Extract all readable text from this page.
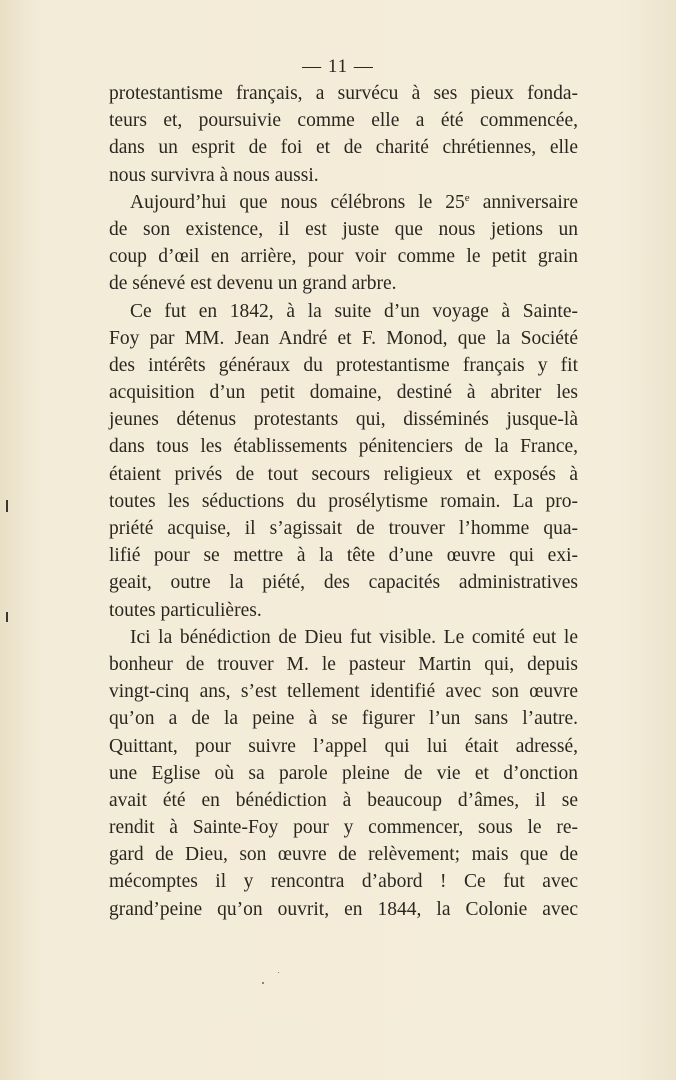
— 11 —
protestantisme français, a survécu à ses pieux fonda-
teurs et, poursuivie comme elle a été commencée,
dans un esprit de foi et de charité chrétiennes, elle
nous survivra à nous aussi.
Aujourd’hui que nous célébrons le 25e anniversaire
de son existence, il est juste que nous jetions un
coup d’œil en arrière, pour voir comme le petit grain
de sénevé est devenu un grand arbre.
Ce fut en 1842, à la suite d’un voyage à Sainte-
Foy par MM. Jean André et F. Monod, que la Société
des intérêts généraux du protestantisme français y fit
acquisition d’un petit domaine, destiné à abriter les
jeunes détenus protestants qui, disséminés jusque-là
dans tous les établissements pénitenciers de la France,
étaient privés de tout secours religieux et exposés à
toutes les séductions du prosélytisme romain. La pro-
priété acquise, il s’agissait de trouver l’homme qua-
lifié pour se mettre à la tête d’une œuvre qui exi-
geait, outre la piété, des capacités administratives
toutes particulières.
Ici la bénédiction de Dieu fut visible. Le comité eut le
bonheur de trouver M. le pasteur Martin qui, depuis
vingt-cinq ans, s’est tellement identifié avec son œuvre
qu’on a de la peine à se figurer l’un sans l’autre.
Quittant, pour suivre l’appel qui lui était adressé,
une Eglise où sa parole pleine de vie et d’onction
avait été en bénédiction à beaucoup d’âmes, il se
rendit à Sainte-Foy pour y commencer, sous le re-
gard de Dieu, son œuvre de relèvement; mais que de
mécomptes il y rencontra d’abord ! Ce fut avec
grand’peine qu’on ouvrit, en 1844, la Colonie avec
